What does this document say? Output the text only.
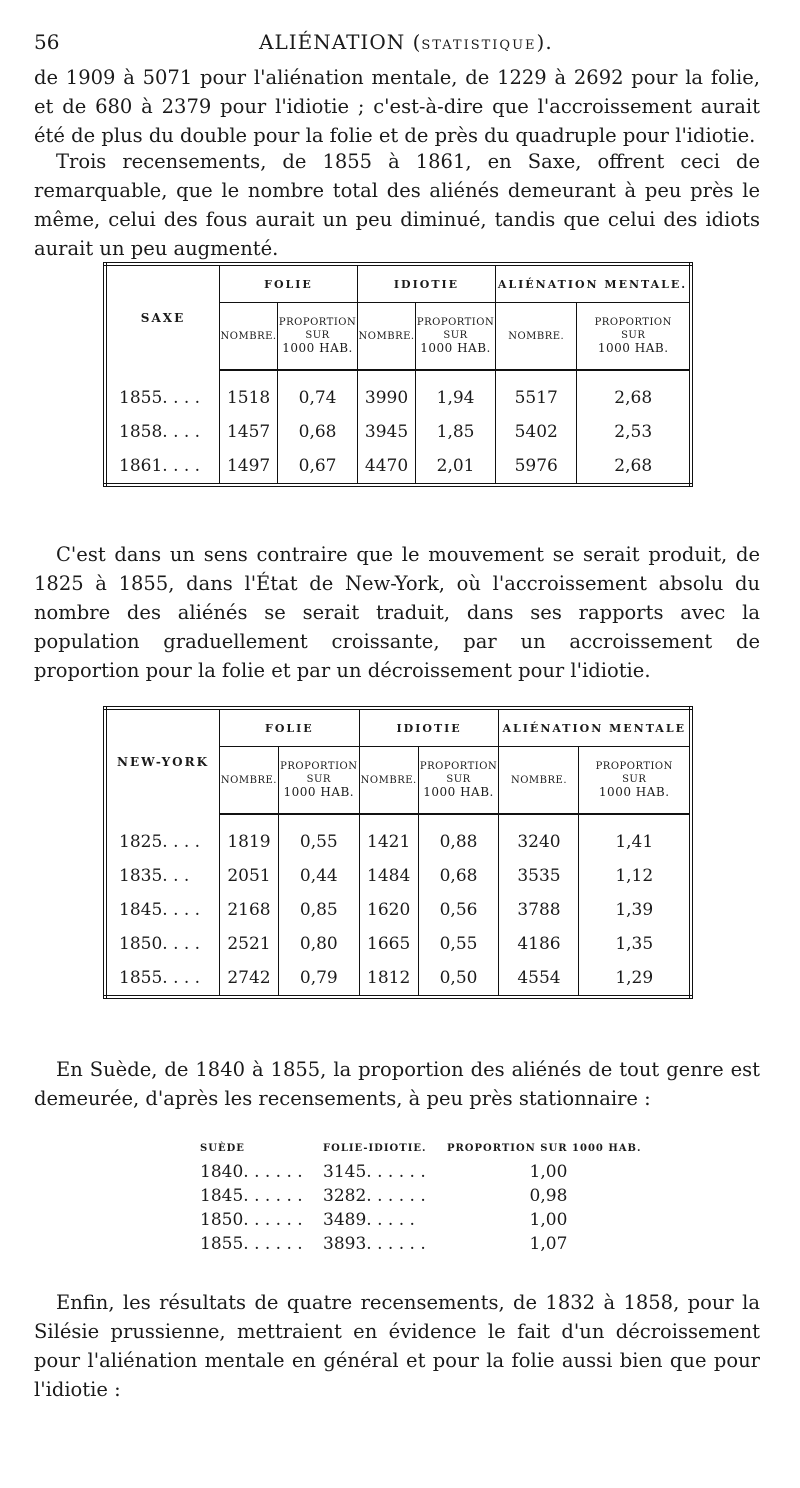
56	ALIÉNATION (STATISTIQUE).

de 1909 à 5071 pour l'aliénation mentale, de 1229 à 2692 pour la folie, et de 680 à 2379 pour l'idiotie ; c'est-à-dire que l'accroissement aurait été de plus du double pour la folie et de près du quadruple pour l'idiotie.

Trois recensements, de 1855 à 1861, en Saxe, offrent ceci de remarquable, que le nombre total des aliénés demeurant à peu près le même, celui des fous aurait un peu diminué, tandis que celui des idiots aurait un peu augmenté.

SAXE	FOLIE		IDIOTIE		ALIÉNATION MENTALE.	
	NOMBRE.	PROPORTION
SUR
1000 HAB.	NOMBRE.	PROPORTION
SUR
1000 HAB.	NOMBRE.	PROPORTION
SUR
1000 HAB.
1855. . . .	1518	0,74	3990	1,94	5517	2,68
1858. . . .	1457	0,68	3945	1,85	5402	2,53
1861. . . .	1497	0,67	4470	2,01	5976	2,68

C'est dans un sens contraire que le mouvement se serait produit, de 1825 à 1855, dans l'État de New-York, où l'accroissement absolu du nombre des aliénés se serait traduit, dans ses rapports avec la population graduellement croissante, par un accroissement de proportion pour la folie et par un décroissement pour l'idiotie.

NEW-YORK	FOLIE		IDIOTIE		ALIÉNATION MENTALE	
	NOMBRE.	PROPORTION
SUR
1000 HAB.	NOMBRE.	PROPORTION
SUR
1000 HAB.	NOMBRE.	PROPORTION
SUR
1000 HAB.
1825. . . .	1819	0,55	1421	0,88	3240	1,41
1835. . .	2051	0,44	1484	0,68	3535	1,12
1845. . . .	2168	0,85	1620	0,56	3788	1,39
1850. . . .	2521	0,80	1665	0,55	4186	1,35
1855. . . .	2742	0,79	1812	0,50	4554	1,29

En Suède, de 1840 à 1855, la proportion des aliénés de tout genre est demeurée, d'après les recensements, à peu près stationnaire :

SUÈDE	FOLIE-IDIOTIE.	PROPORTION SUR 1000 HAB.
1840. . . . . .	3145. . . . . .	1,00
1845. . . . . .	3282. . . . . .	0,98
1850. . . . . .	3489. . . . .	1,00
1855. . . . . .	3893. . . . . .	1,07

Enfin, les résultats de quatre recensements, de 1832 à 1858, pour la Silésie prussienne, mettraient en évidence le fait d'un décroissement pour l'aliénation mentale en général et pour la folie aussi bien que pour l'idiotie :
